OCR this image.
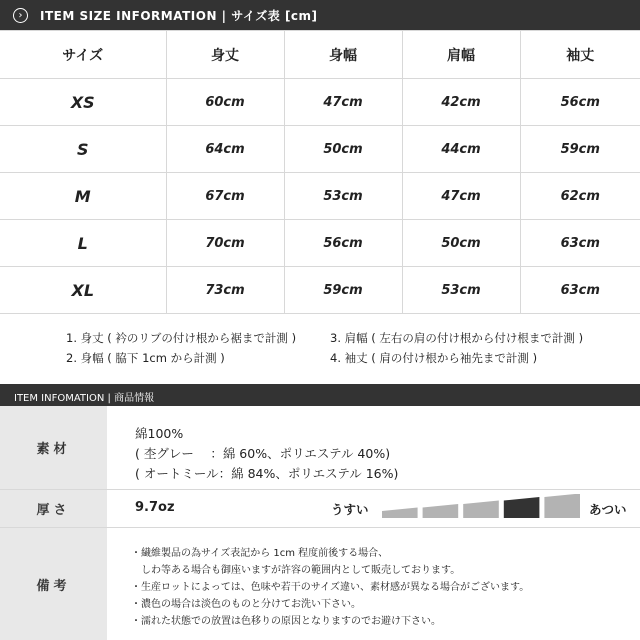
›	ITEM SIZE INFORMATION | サイズ表 [cm]
サイズ	身丈	身幅	肩幅	袖丈
XS	60cm	47cm	42cm	56cm
S	64cm	50cm	44cm	59cm
M	67cm	53cm	47cm	62cm
L	70cm	56cm	50cm	63cm
XL	73cm	59cm	53cm	63cm
1. 身丈 ( 衿のリブの付け根から裾まで計測 )
2. 身幅 ( 脇下 1cm から計測 )
3. 肩幅 ( 左右の肩の付け根から付け根まで計測 )
4. 袖丈 ( 肩の付け根から袖先まで計測 )
ITEM INFOMATION | 商品情報
素材
綿100%
( 杢グレー　 ：綿 60%、ポリエステル 40%)
( オートミール：綿 84%、ポリエステル 16%)
厚さ	9.7oz	うすい	あつい
備考
・繊維製品の為サイズ表記から 1cm 程度前後する場合、
　しわ等ある場合も御座いますが許容の範囲内として販売しております。
・生産ロットによっては、色味や若干のサイズ違い、素材感が異なる場合がございます。
・濃色の場合は淡色のものと分けてお洗い下さい。
・濡れた状態での放置は色移りの原因となりますのでお避け下さい。
